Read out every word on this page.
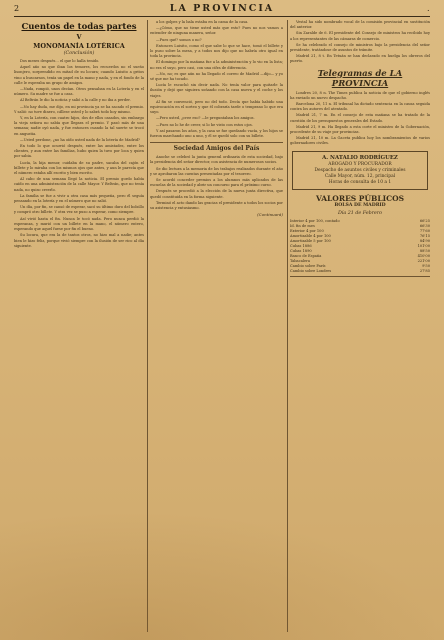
2	LA PROVINCIA	.
Cuentos de todas partes
V
MONOMANÍA LOTÉRICA
(Conclusión)

Dos meses después... el que lo halla tenido.

Aquel año no que iban los temores, los recuerdos no el sueño lisonjero, sorprendido en mitad de su locura; cuando Luisito a gritos vino a buscarnos, tenía un papel en la mano y nada, y en el fondo de la calle le esperaba un grupo de amigos.

—Nada, rompió, unos decían. Otros pensaban en la Lotería y en el número. Su madre se fue a casa.

Al Beltrán le dio la noticia y salió a la calle y no iba a perder.

—No hay duda, me dijo, en mi provincia ya se ha sacado el premio. Y salió: no tuve dinero, cállese usted y lo sabrá todo hoy mismo.

Y, en la Lotería, con cuatro hijos, dos de ellos casados, sin embargo la vieja señora no sabía que llegara el premio. Y pasó más de una semana; nadie oyó nada, y fue entonces cuando la tal suerte se trocó en angustia.

—Usted perdone, ¿no ha oído usted nada de la lotería de Madrid?

En todo lo que ocurrió después, entre las amistades, entre los clientes, y aun entre las familias, hubo quien la tuvo por loca y quien por sabia.

Lucía, la hija menor, cuidaba de su padre, sacaba del cajón el billete y lo miraba con los mismos ojos que antes, y aun le parecía que el número estaba allí escrito y bien escrito.

Al cabo de una semana llegó la noticia. El premio gordo había caído en una administración de la calle Mayor. Y Beltrán, que no tenía nada, no quiso creerlo.

La familia se fue a vivir a otra casa más pequeña, pero él seguía pensando en la lotería y en el número que no salió.

Un día, por fin, se cansó de esperar, sacó su último duro del bolsillo y compró otro billete. Y otra vez se puso a esperar, como siempre.

Así vivió hasta el fin. Nunca le tocó nada. Pero nunca perdió la esperanza, y murió con un billete en la mano, el número entero, esperando que aquel fuese por fin el bueno.

Su locura, que era la de tantos otros, no hizo mal a nadie; antes bien le hizo feliz, porque vivió siempre con la ilusión de ser rico al día siguiente.

a los golpes y la bala estaba en la cama de la casa.

—¿Cómo, que no tiene usted más que esto? Pues no nos vamos a entender de ninguna manera, señor.

—Pues qué? somos o no?

Entonces Luisito, como el que sabe lo que se hace, tomó el billete y lo puso sobre la mesa, y a todos nos dijo que no habría otro igual en toda la provincia.

El domingo por la mañana fue a la administración y lo vio en la lista; no era el suyo, pero casi, con una cifra de diferencia.

—No, no; es que aún no ha llegado el correo de Madrid —dijo— y yo sé que me ha tocado.

Lucía le escuchó sin decir nada. No tenía valor para quitarle la ilusión y dejó que siguiera soñando con la casa nueva y el coche y los viajes.

Al fin se convenció, pero no del todo. Decía que había habido una equivocación en el sorteo y que él cobraría tarde o temprano lo que era suyo.

—Pero usted, ¿cree eso? —le preguntaban los amigos.

—Pues no lo he de creer, si lo he visto con estos ojos.

Y así pasaron los años, y la casa se fue quedando vacía, y los hijos se fueron marchando uno a uno, y él se quedó solo con su billete.

Sociedad Amigos del País

Anoche se celebró la junta general ordinaria de esta sociedad, bajo la presidencia del señor director, con asistencia de numerosos socios.

Se dio lectura a la memoria de los trabajos realizados durante el año y se aprobaron las cuentas presentadas por el tesorero.

Se acordó conceder premios a los alumnos más aplicados de las escuelas de la sociedad y abrir un concurso para el próximo curso.

Después se procedió a la elección de la nueva junta directiva, que quedó constituida en la forma siguiente.

Terminó el acto dando las gracias el presidente a todos los socios por su asistencia y entusiasmo.

(Continuará)

Vestal ha sido nombrado vocal de la comisión provincial en sustitución del anterior.

Sin Zaralde de 6. El presidente del Consejo de ministros ha recibido hoy a los representantes de las cámaras de comercio.

Se ha celebrado el consejo de ministros bajo la presidencia del señor presidente, tratándose de asuntos de trámite.

Madrid 21, 8 t. En Tetuán se han declarado en huelga los obreros del puerto.

Telegramas de LA PROVINCIA

Londres 20, 8 n. The Times publica la noticia de que el gobierno inglés ha enviado un nuevo despacho.

Barcelona 20, 11 n. El tribunal ha dictado sentencia en la causa seguida contra los autores del atentado.

Madrid 21, 7 m. En el consejo de esta mañana se ha tratado de la cuestión de los presupuestos generales del Estado.

Madrid 21, 9 m. Ha llegado a esta corte el ministro de la Gobernación, procedente de su viaje por provincias.

Madrid 21, 10 m. La Gaceta publica hoy los nombramientos de varios gobernadores civiles.

A. NATALIO RODRÍGUEZ
ABOGADO Y PROCURADOR
Despacho de asuntos civiles y criminales
Calle Mayor, núm. 12, principal
Horas de consulta de 10 a 1
VALORES PÚBLICOS
BOLSA DE MADRID
Día 21 de Febrero
Interior 4 por 100, contado	66'25
Id. fin de mes	66'30
Exterior 4 por 100	77'60
Amortizable 4 por 100	76'15
Amortizable 5 por 100	84'90
Cubas 1886	101'00
Cubas 1890	88'50
Banco de España	410'00
Tabacalera	221'00
Cambio sobre París	9'50
Cambio sobre Londres	27'85
